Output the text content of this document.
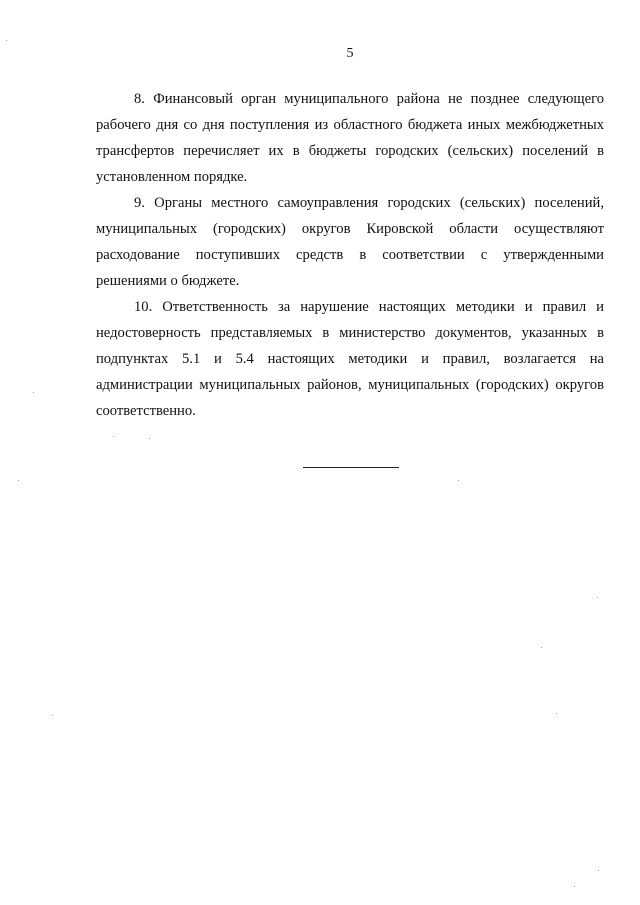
5

8. Финансовый орган муниципального района не позднее следующего рабочего дня со дня поступления из областного бюджета иных межбюджетных трансфертов перечисляет их в бюджеты городских (сельских) поселений в установленном порядке.

9. Органы местного самоуправления городских (сельских) поселений, муниципальных (городских) округов Кировской области осуществляют расходование поступивших средств в соответствии с утвержденными решениями о бюджете.

10. Ответственность за нарушение настоящих методики и правил и недостоверность представляемых в министерство документов, указанных в подпунктах 5.1 и 5.4 настоящих методики и правил, возлагается на администрации муниципальных районов, муниципальных (городских) округов соответственно.
